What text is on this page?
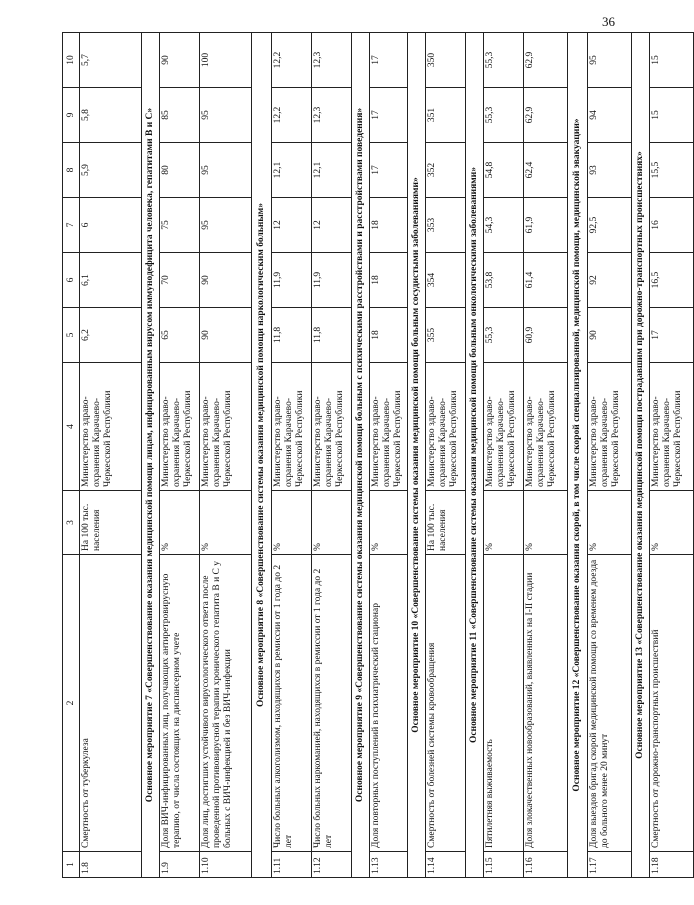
36
1	2	3	4	5	6	7	8	9	10
1.8	Смертность от туберкулеза	На 100 тыс. населения	Министерство здраво-охранения Карачаево-Черкесской Республики	6,2	6,1	6	5,9	5,8	5,7
Основное мероприятие 7 «Совершенствование оказания медицинской помощи лицам, инфицированным вирусом иммунодефицита человека, гепатитами В и С»									
1.9	Доля ВИЧ-инфицированных лиц, получающих антиретровирусную терапию, от числа состоящих на диспансерном учете	%	Министерство здраво-охранения Карачаево-Черкесской Республики	65	70	75	80	85	90
1.10	Доля лиц, достигших устойчивого вирусологического ответа после проведенной противовирусной терапии хронического гепатита В и С у больных с ВИЧ-инфекцией и без ВИЧ-инфекции	%	Министерство здраво-охранения Карачаево-Черкесской Республики	90	90	95	95	95	100
Основное мероприятие 8 «Совершенствование системы оказания медицинской помощи наркологическим больным»									
1.11	Число больных алкоголизмом, находящихся в ремиссии от 1 года до 2 лет	%	Министерство здраво-охранения Карачаево-Черкесской Республики	11,8	11,9	12	12,1	12,2	12,2
1.12	Число больных наркоманией, находящихся в ремиссии от 1 года до 2 лет	%	Министерство здраво-охранения Карачаево-Черкесской Республики	11,8	11,9	12	12,1	12,3	12,3
Основное мероприятие 9 «Совершенствование системы оказания медицинской помощи больным с психическими расстройствами и расстройствами поведения»									
1.13	Доля повторных поступлений в психиатрический стационар	%	Министерство здраво-охранения Карачаево-Черкесской Республики	18	18	18	17	17	17
Основное мероприятие 10 «Совершенствование системы оказания медицинской помощи больным сосудистыми заболеваниями»									
1.14	Смертность от болезней системы кровообращения	На 100 тыс. населения	Министерство здраво-охранения Карачаево-Черкесской Республики	355	354	353	352	351	350
Основное мероприятие 11 «Совершенствование системы оказания медицинской помощи больным онкологическими заболеваниями»									
1.15	Пятилетняя выживаемость	%	Министерство здраво-охранения Карачаево-Черкесской Республики	55,3	53,8	54,3	54,8	55,3	55,3
1.16	Доля злокачественных новообразований, выявленных на I-II стадии	%	Министерство здраво-охранения Карачаево-Черкесской Республики	60,9	61,4	61,9	62,4	62,9	62,9
Основное мероприятие 12 «Совершенствование оказания скорой, в том числе скорой специализированной, медицинской помощи, медицинской эвакуации»									
1.17	Доля выездов бригад скорой медицинской помощи со временем доезда до больного менее 20 минут	%	Министерство здраво-охранения Карачаево-Черкесской Республики	90	92	92,5	93	94	95
Основное мероприятие 13 «Совершенствование оказания медицинской помощи пострадавшим при дорожно-транспортных происшествиях»									
1.18	Смертность от дорожно-транспортных происшествий	%	Министерство здраво-охранения Карачаево-Черкесской Республики	17	16,5	16	15,5	15	15
